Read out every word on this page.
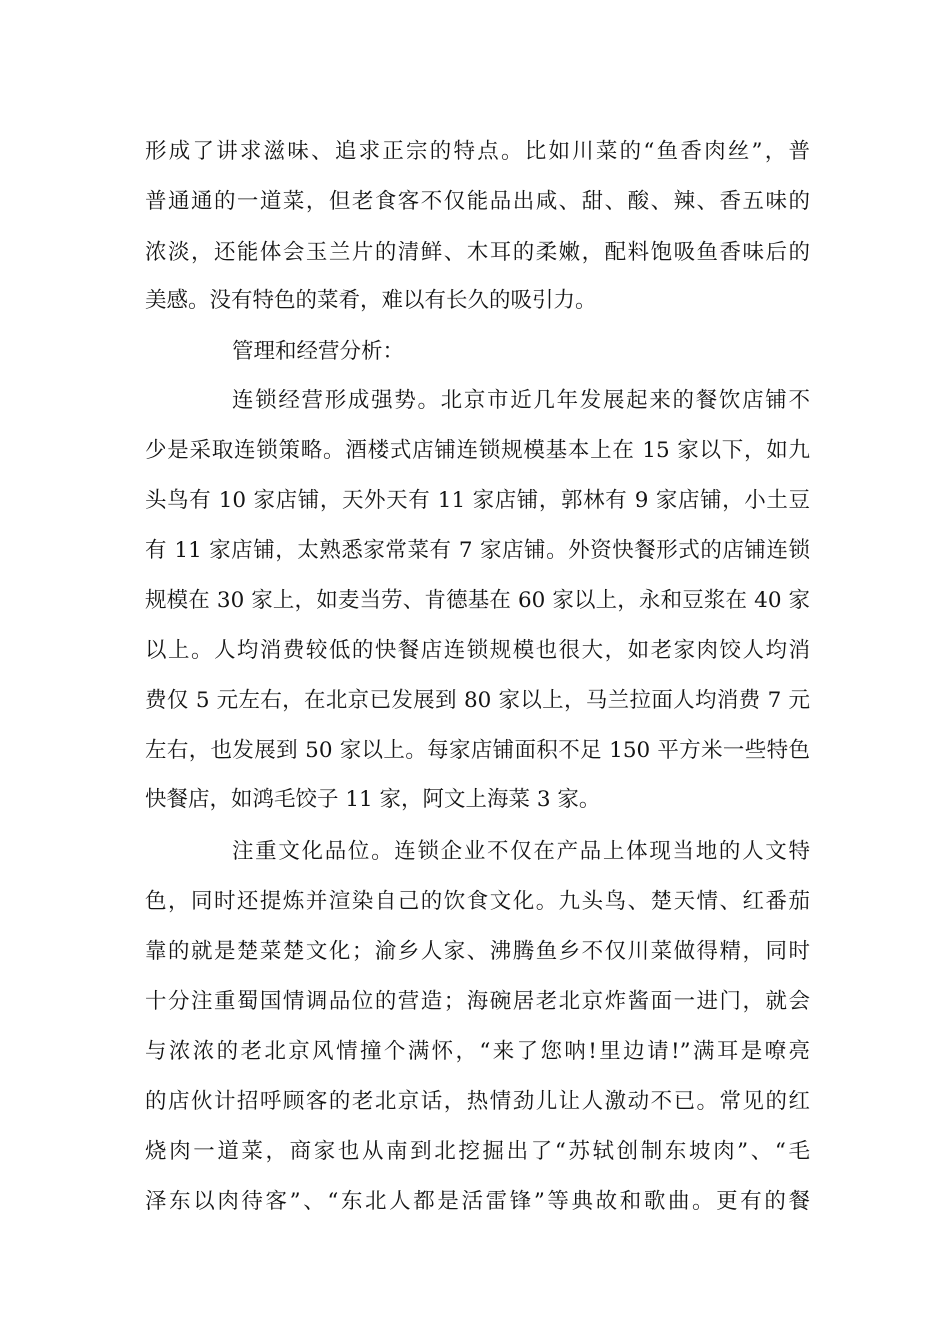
形成了讲求滋味、追求正宗的特点。比如川菜的“鱼香肉丝”，普
普通通的一道菜，但老食客不仅能品出咸、甜、酸、辣、香五味的
浓淡，还能体会玉兰片的清鲜、木耳的柔嫩，配料饱吸鱼香味后的
美感。没有特色的菜肴，难以有长久的吸引力。
管理和经营分析：
连锁经营形成强势。北京市近几年发展起来的餐饮店铺不
少是采取连锁策略。酒楼式店铺连锁规模基本上在 15 家以下，如九
头鸟有 10 家店铺，天外天有 11 家店铺，郭林有 9 家店铺，小土豆
有 11 家店铺，太熟悉家常菜有 7 家店铺。外资快餐形式的店铺连锁
规模在 30 家上，如麦当劳、肯德基在 60 家以上，永和豆浆在 40 家
以上。人均消费较低的快餐店连锁规模也很大，如老家肉饺人均消
费仅 5 元左右，在北京已发展到 80 家以上，马兰拉面人均消费 7 元
左右，也发展到 50 家以上。每家店铺面积不足 150 平方米一些特色
快餐店，如鸿毛饺子 11 家，阿文上海菜 3 家。
注重文化品位。连锁企业不仅在产品上体现当地的人文特
色，同时还提炼并渲染自己的饮食文化。九头鸟、楚天情、红番茄
靠的就是楚菜楚文化；渝乡人家、沸腾鱼乡不仅川菜做得精，同时
十分注重蜀国情调品位的营造；海碗居老北京炸酱面一进门，就会
与浓浓的老北京风情撞个满怀，“来了您呐!里边请!”满耳是嘹亮
的店伙计招呼顾客的老北京话，热情劲儿让人激动不已。常见的红
烧肉一道菜，商家也从南到北挖掘出了“苏轼创制东坡肉”、“毛
泽东以肉待客”、“东北人都是活雷锋”等典故和歌曲。更有的餐
